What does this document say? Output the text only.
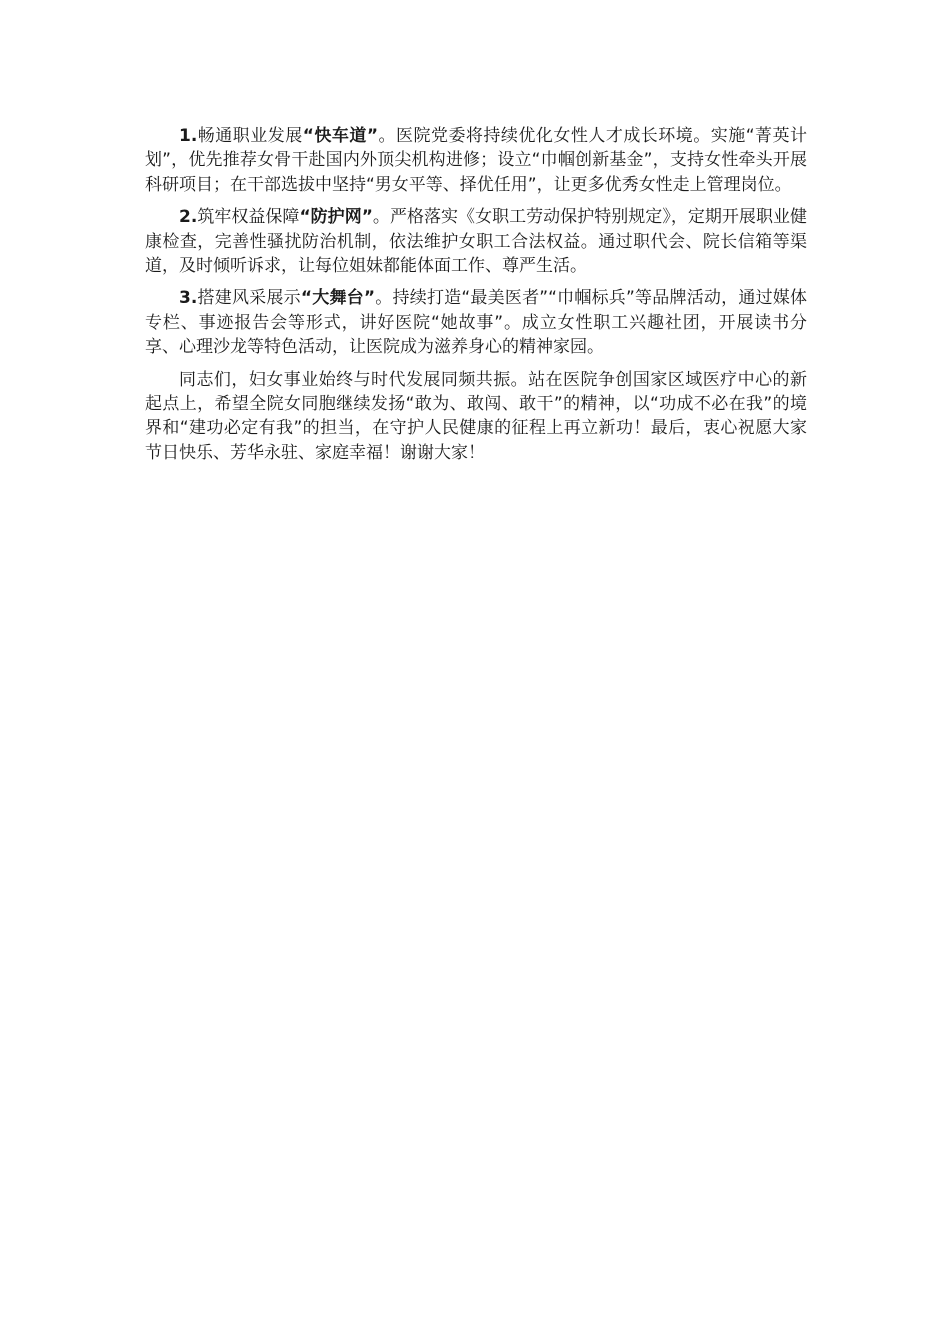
1.畅通职业发展“快车道”。医院党委将持续优化女性人才成长环境。实施“菁英计划”，优先推荐女骨干赴国内外顶尖机构进修；设立“巾帼创新基金”，支持女性牵头开展科研项目；在干部选拔中坚持“男女平等、择优任用”，让更多优秀女性走上管理岗位。

2.筑牢权益保障“防护网”。严格落实《女职工劳动保护特别规定》，定期开展职业健康检查，完善性骚扰防治机制，依法维护女职工合法权益。通过职代会、院长信箱等渠道，及时倾听诉求，让每位姐妹都能体面工作、尊严生活。

3.搭建风采展示“大舞台”。持续打造“最美医者”“巾帼标兵”等品牌活动，通过媒体专栏、事迹报告会等形式，讲好医院“她故事”。成立女性职工兴趣社团，开展读书分享、心理沙龙等特色活动，让医院成为滋养身心的精神家园。

同志们，妇女事业始终与时代发展同频共振。站在医院争创国家区域医疗中心的新起点上，希望全院女同胞继续发扬“敢为、敢闯、敢干”的精神，以“功成不必在我”的境界和“建功必定有我”的担当，在守护人民健康的征程上再立新功！最后，衷心祝愿大家节日快乐、芳华永驻、家庭幸福！谢谢大家！
